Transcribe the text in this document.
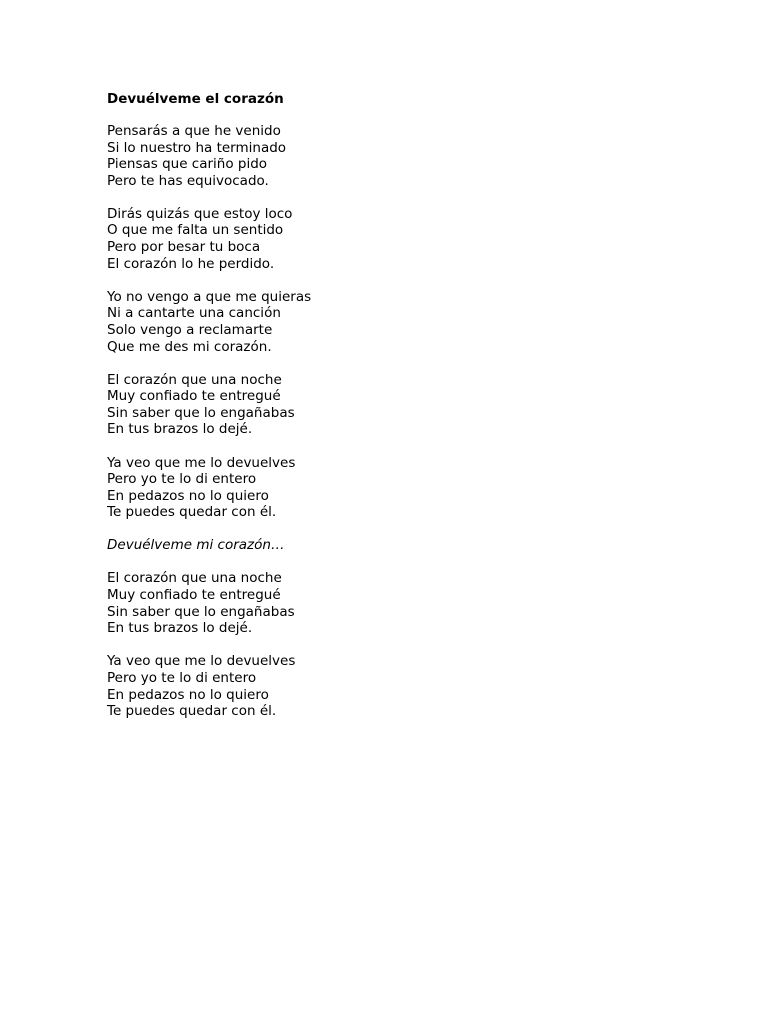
Devuélveme el corazón
Pensarás a que he venido
Si lo nuestro ha terminado
Piensas que cariño pido
Pero te has equivocado.
Dirás quizás que estoy loco
O que me falta un sentido
Pero por besar tu boca
El corazón lo he perdido.
Yo no vengo a que me quieras
Ni a cantarte una canción
Solo vengo a reclamarte
Que me des mi corazón.
El corazón que una noche
Muy confiado te entregué
Sin saber que lo engañabas
En tus brazos lo dejé.
Ya veo que me lo devuelves
Pero yo te lo di entero
En pedazos no lo quiero
Te puedes quedar con él.
Devuélveme mi corazón…
El corazón que una noche
Muy confiado te entregué
Sin saber que lo engañabas
En tus brazos lo dejé.
Ya veo que me lo devuelves
Pero yo te lo di entero
En pedazos no lo quiero
Te puedes quedar con él.
